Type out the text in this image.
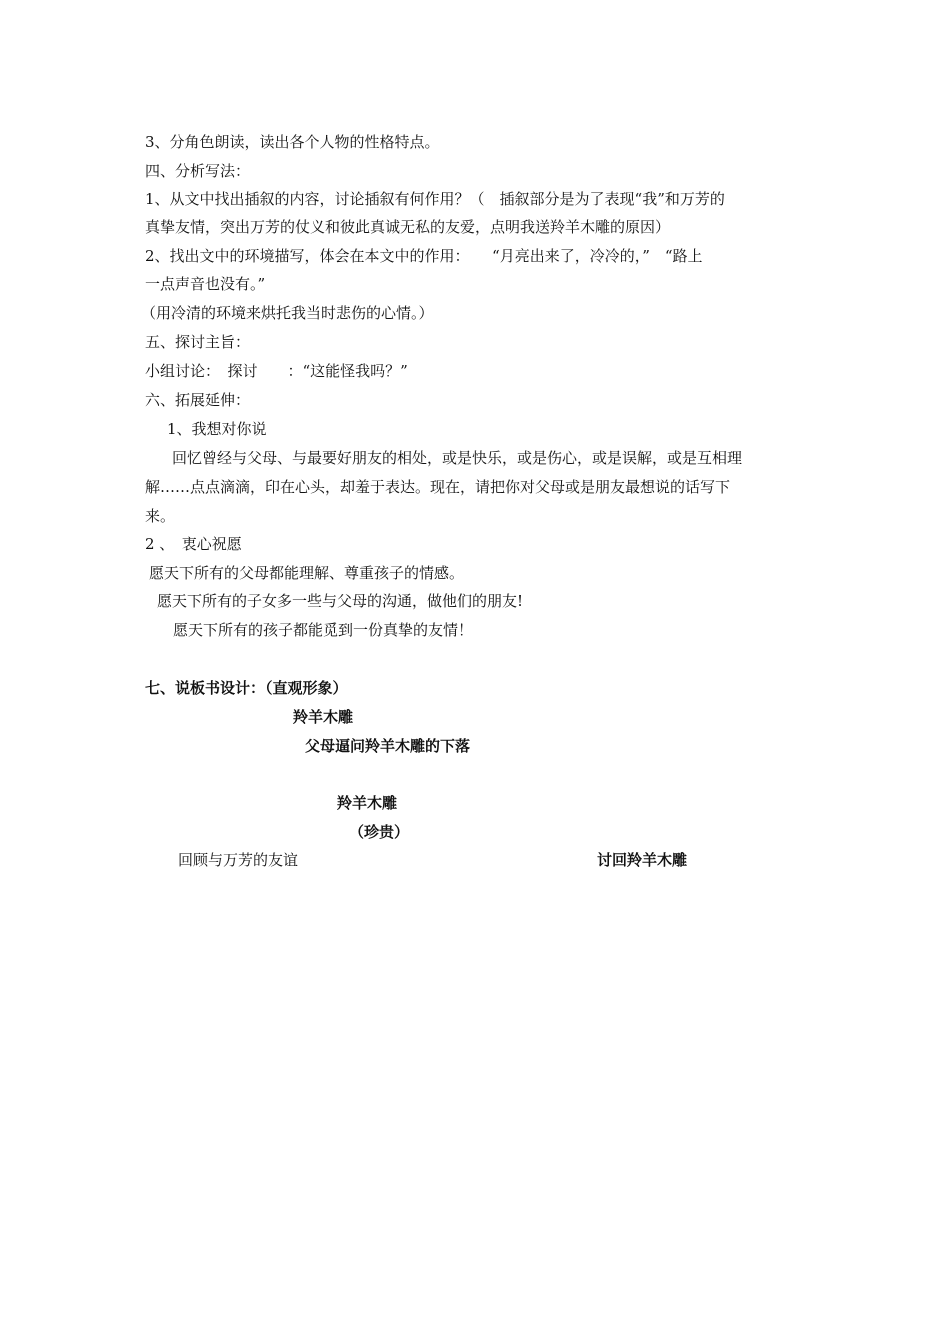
3、分角色朗读，读出各个人物的性格特点。
四、分析写法：
1、从文中找出插叙的内容，讨论插叙有何作用？（　插叙部分是为了表现“我”和万芳的
真挚友情，突出万芳的仗义和彼此真诚无私的友爱，点明我送羚羊木雕的原因）
2、找出文中的环境描写，体会在本文中的作用：　　“月亮出来了，冷冷的，”　“路上
一点声音也没有。”
（用冷清的环境来烘托我当时悲伤的心情。）
五、探讨主旨：
小组讨论：　探讨　　：“这能怪我吗？”
六、拓展延伸：
1、我想对你说
回忆曾经与父母、与最要好朋友的相处，或是快乐，或是伤心，或是误解，或是互相理
解……点点滴滴，印在心头，却羞于表达。现在，请把你对父母或是朋友最想说的话写下
来。
2 、　衷心祝愿
愿天下所有的父母都能理解、尊重孩子的情感。
愿天下所有的子女多一些与父母的沟通，做他们的朋友!
愿天下所有的孩子都能觅到一份真挚的友情！
七、说板书设计：（直观形象）
羚羊木雕
父母逼问羚羊木雕的下落
羚羊木雕
（珍贵）
回顾与万芳的友谊	讨回羚羊木雕
